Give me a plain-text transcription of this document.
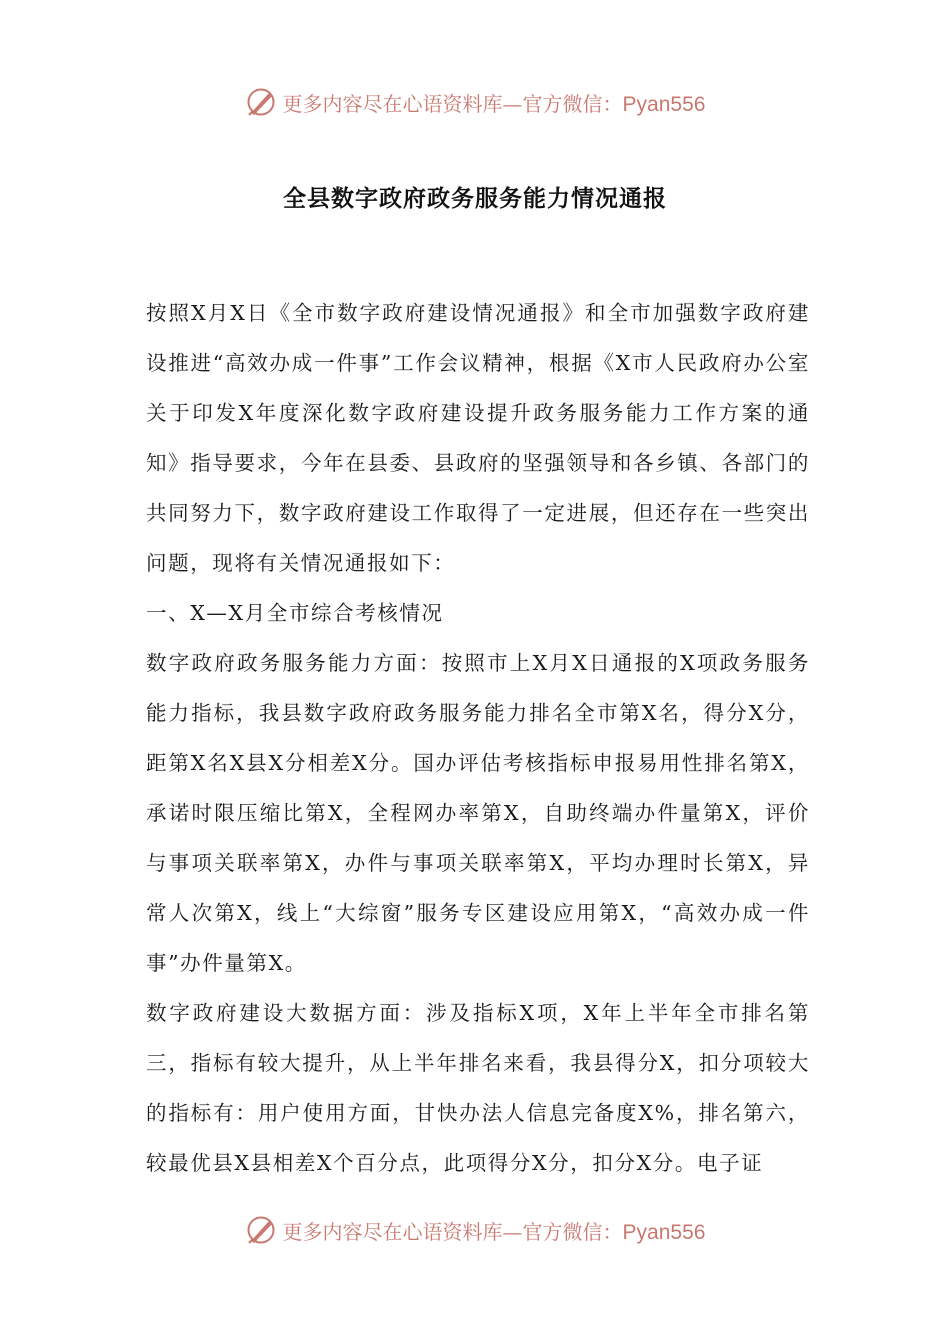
更多内容尽在心语资料库—官方微信：Pyan556
全县数字政府政务服务能力情况通报

按照X月X日《全市数字政府建设情况通报》和全市加强数字政府建设推进“高效办成一件事”工作会议精神，根据《X市人民政府办公室关于印发X年度深化数字政府建设提升政务服务能力工作方案的通知》指导要求，今年在县委、县政府的坚强领导和各乡镇、各部门的共同努力下，数字政府建设工作取得了一定进展，但还存在一些突出问题，现将有关情况通报如下：

一、X—X月全市综合考核情况

数字政府政务服务能力方面：按照市上X月X日通报的X项政务服务能力指标，我县数字政府政务服务能力排名全市第X名，得分X分，距第X名X县X分相差X分。国办评估考核指标申报易用性排名第X，承诺时限压缩比第X，全程网办率第X，自助终端办件量第X，评价与事项关联率第X，办件与事项关联率第X，平均办理时长第X，异常人次第X，线上“大综窗”服务专区建设应用第X，“高效办成一件事”办件量第X。

数字政府建设大数据方面：涉及指标X项，X年上半年全市排名第三，指标有较大提升，从上半年排名来看，我县得分X，扣分项较大的指标有：用户使用方面，甘快办法人信息完备度X%，排名第六，较最优县X县相差X个百分点，此项得分X分，扣分X分。电子证

更多内容尽在心语资料库—官方微信：Pyan556
